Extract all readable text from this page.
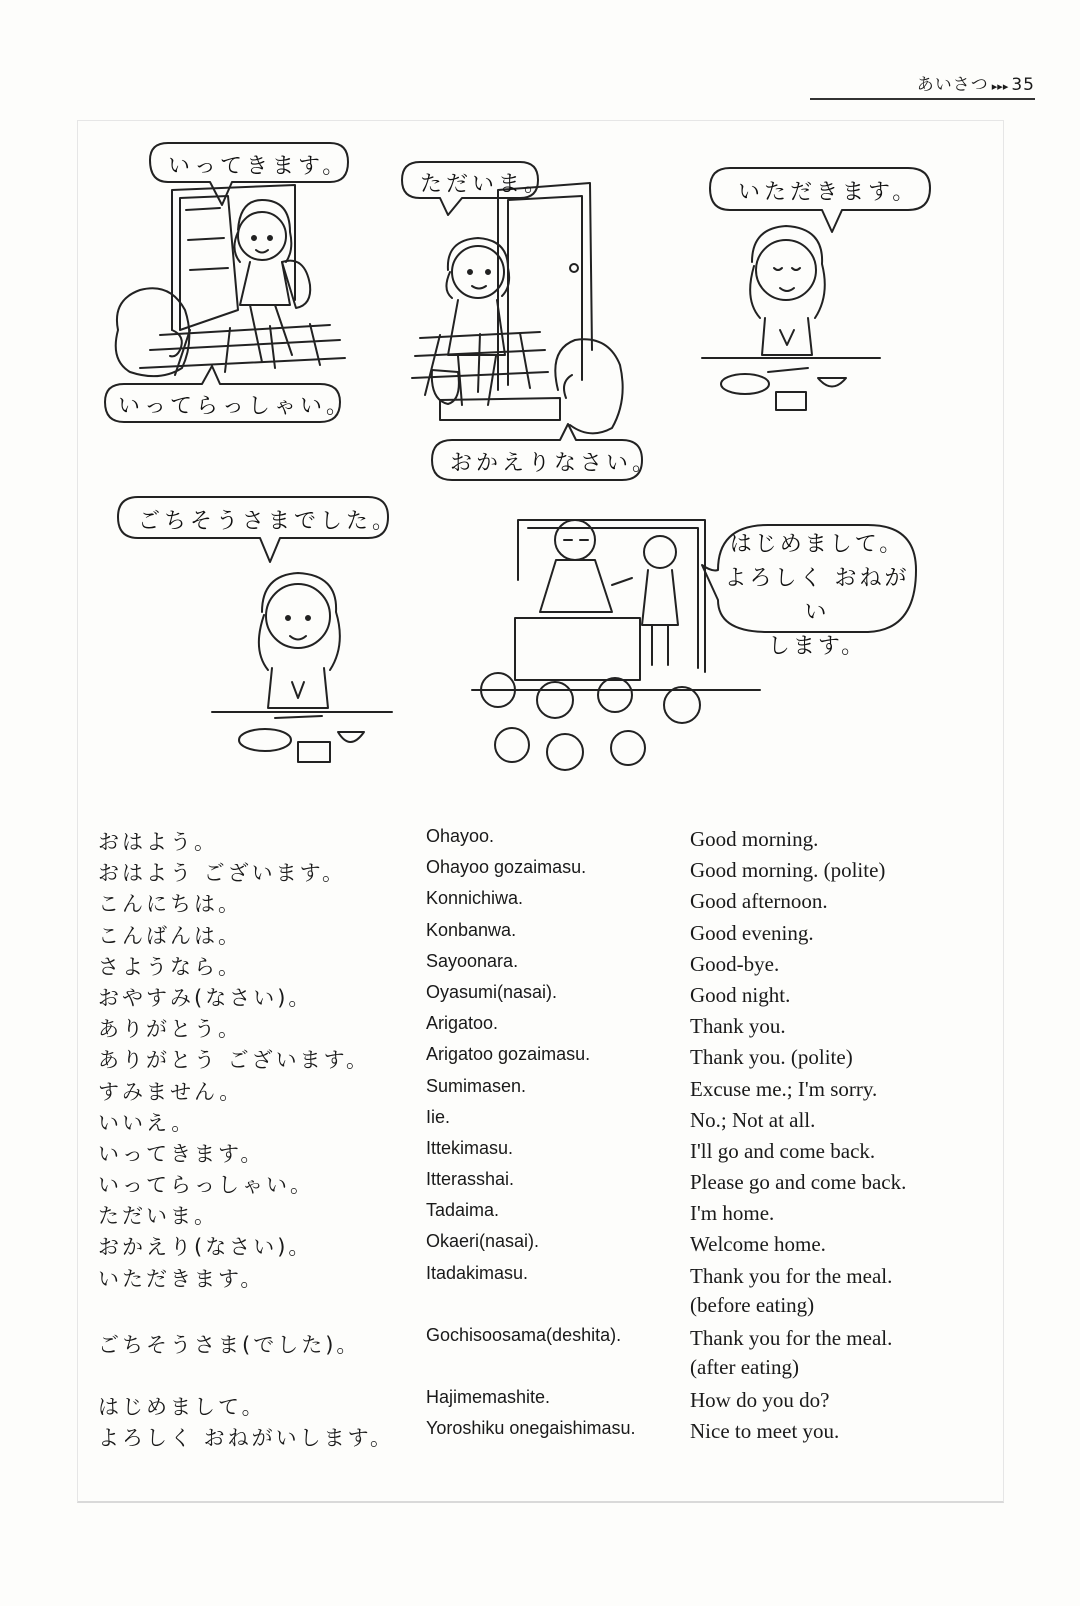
あいさつ ▸▸▸ 35
いってきます。
いってらっしゃい。
ただいま。
おかえりなさい。
いただきます。
ごちそうさまでした。
はじめまして。
よろしく おねがい
します。
おはよう。	Ohayoo.	Good morning.
おはよう ございます。	Ohayoo gozaimasu.	Good morning. (polite)
こんにちは。	Konnichiwa.	Good afternoon.
こんばんは。	Konbanwa.	Good evening.
さようなら。	Sayoonara.	Good-bye.
おやすみ(なさい)。	Oyasumi(nasai).	Good night.
ありがとう。	Arigatoo.	Thank you.
ありがとう ございます。	Arigatoo gozaimasu.	Thank you. (polite)
すみません。	Sumimasen.	Excuse me.; I'm sorry.
いいえ。	Iie.	No.; Not at all.
いってきます。	Ittekimasu.	I'll go and come back.
いってらっしゃい。	Itterasshai.	Please go and come back.
ただいま。	Tadaima.	I'm home.
おかえり(なさい)。	Okaeri(nasai).	Welcome home.
いただきます。	Itadakimasu.	Thank you for the meal.
(before eating)
ごちそうさま(でした)。	Gochisoosama(deshita).	Thank you for the meal.
(after eating)
はじめまして。	Hajimemashite.	How do you do?
よろしく おねがいします。 Yoroshiku onegaishimasu.	Nice to meet you.
